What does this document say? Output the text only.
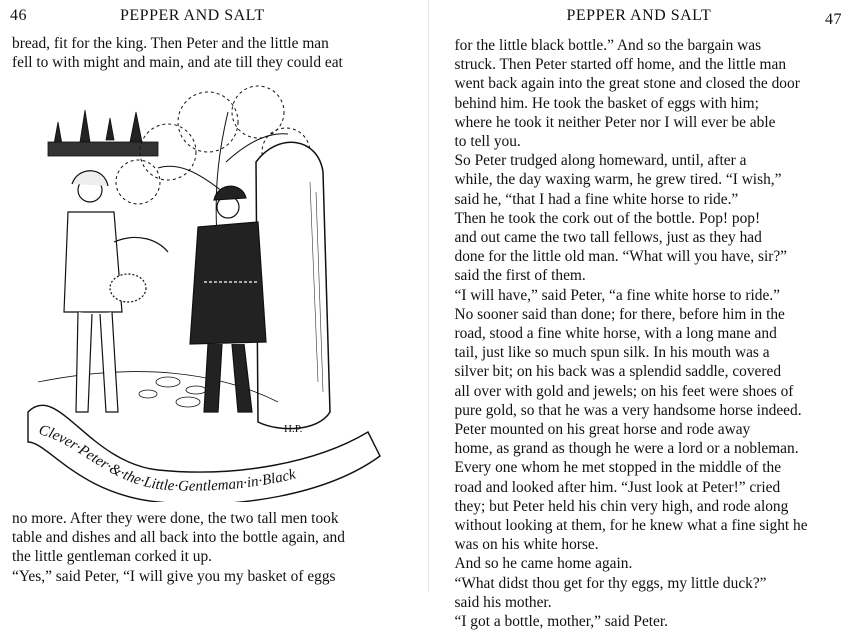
46	PEPPER AND SALT

bread, fit for the king. Then Peter and the little man

fell to with might and main, and ate till they could eat

Clever·Peter·&·the·Little·Gentleman·in·Black
H.P.

no more. After they were done, the two tall men took

table and dishes and all back into the bottle again, and

the little gentleman corked it up.

“Yes,” said Peter, “I will give you my basket of eggs

PEPPER AND SALT	47

for the little black bottle.” And so the bargain was

struck. Then Peter started off home, and the little man

went back again into the great stone and closed the door

behind him. He took the basket of eggs with him;

where he took it neither Peter nor I will ever be able

to tell you.

So Peter trudged along homeward, until, after a

while, the day waxing warm, he grew tired. “I wish,”

said he, “that I had a fine white horse to ride.”

Then he took the cork out of the bottle. Pop! pop!

and out came the two tall fellows, just as they had

done for the little old man. “What will you have, sir?”

said the first of them.

“I will have,” said Peter, “a fine white horse to ride.”

No sooner said than done; for there, before him in the

road, stood a fine white horse, with a long mane and

tail, just like so much spun silk. In his mouth was a

silver bit; on his back was a splendid saddle, covered

all over with gold and jewels; on his feet were shoes of

pure gold, so that he was a very handsome horse indeed.

Peter mounted on his great horse and rode away

home, as grand as though he were a lord or a nobleman.

Every one whom he met stopped in the middle of the

road and looked after him. “Just look at Peter!” cried

they; but Peter held his chin very high, and rode along

without looking at them, for he knew what a fine sight he

was on his white horse.

And so he came home again.

“What didst thou get for thy eggs, my little duck?”

said his mother.

“I got a bottle, mother,” said Peter.
